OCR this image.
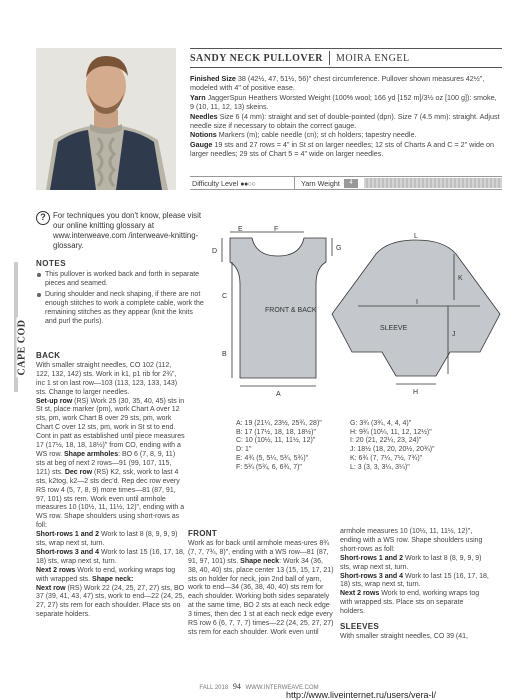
SANDY NECK PULLOVER MOIRA ENGEL

Finished Size 38 (42½, 47, 51½, 56)" chest circumference. Pullover shown measures 42½", modeled with 4" of positive ease.

Yarn JaggerSpun Heathers Worsted Weight (100% wool; 166 yd [152 m]/3½ oz [100 g]): smoke, 9 (10, 11, 12, 13) skeins.

Needles Size 6 (4 mm): straight and set of double-pointed (dpn). Size 7 (4.5 mm): straight. Adjust needle size if necessary to obtain the correct gauge.

Notions Markers (m); cable needle (cn); st ch holders; tapestry needle.

Gauge 19 sts and 27 rows = 4" in St st on larger needles; 12 sts of Charts A and C = 2" wide on larger needles; 29 sts of Chart 5 = 4" wide on larger needles.

Difficulty Level ●●○○	Yarn Weight	4
? For techniques you don't know, please visit our online knitting glossary at www.interweave.com /interweave-knitting-glossary.

CAPE COD
NOTES
This pullover is worked back and forth in separate pieces and seamed.
During shoulder and neck shaping, if there are not enough stitches to work a complete cable, work the remaining stitches as they appear (knit the knits and purl the purls).
E	F
D	G
C
B
A
FRONT & BACK
SLEEVE
I
H
K
J
L
A: 19 (21¼, 23½, 25¾, 28)"
B: 17 (17½, 18, 18, 18½)"
C: 10 (10½, 11, 11½, 12)"
D: 1"
E: 4¾ (5, 5¼, 5¾, 5¾)"
F: 5¾ (5¾, 6, 6¾, 7)"
G: 3¾ (3¾, 4, 4, 4)"
H: 9¾ (10¼, 11, 12, 12½)"
I: 20 (21, 22¼, 23, 24)"
J: 18½ (18, 20, 20½, 20¾)"
K: 6¾ (7, 7¼, 7½, 7¾)"
L: 3 (3, 3, 3¼, 3¼)"
BACK

With smaller straight needles, CO 102 (112, 122, 132, 142) sts. Work in k1, p1 rib for 2¾", inc 1 st on last row—103 (113, 123, 133, 143) sts. Change to larger needles.
Set-up row (RS) Work 25 (30, 35, 40, 45) sts in St st, place marker (pm), work Chart A over 12 sts, pm, work Chart B over 29 sts, pm, work Chart C over 12 sts, pm, work in St st to end. Cont in patt as established until piece measures 17 (17½, 18, 18, 18½)" from CO, ending with a WS row. Shape armholes: BO 6 (7, 8, 9, 11) sts at beg of next 2 rows—91 (99, 107, 115, 121) sts. Dec row (RS) K2, ssk, work to last 4 sts, k2tog, k2—2 sts dec'd. Rep dec row every RS row 4 (5, 7, 8, 9) more times—81 (87, 91, 97, 101) sts rem. Work even until armhole measures 10 (10½, 11, 11½, 12)", ending with a WS row. Shape shoulders using short-rows as foll:
Short-rows 1 and 2 Work to last 8 (8, 9, 9, 9) sts, wrap next st, turn.
Short-rows 3 and 4 Work to last 15 (16, 17, 18, 18) sts, wrap next st, turn.
Next 2 rows Work to end, working wraps tog with wrapped sts. Shape neck:
Next row (RS) Work 22 (24, 25, 27, 27) sts, BO 37 (39, 41, 43, 47) sts, work to end—22 (24, 25, 27, 27) sts rem for each shoulder. Place sts on separate holders.

FRONT

Work as for back until armhole meas-ures 8¾ (7, 7, 7¾, 8)", ending with a WS row—81 (87, 91, 97, 101) sts. Shape neck: Work 34 (36, 38, 40, 40) sts, place center 13 (15, 15, 17, 21) sts on holder for neck, join 2nd ball of yarn, work to end—34 (36, 38, 40, 40) sts rem for each shoulder. Working both sides separately at the same time, BO 2 sts at each neck edge 3 times, then dec 1 st at each neck edge every RS row 6 (6, 7, 7, 7) times—22 (24, 25, 27, 27) sts rem for each shoulder. Work even until

armhole measures 10 (10½, 11, 11½, 12)", ending with a WS row. Shape shoulders using short-rows as foll:
Short-rows 1 and 2 Work to last 8 (8, 9, 9, 9) sts, wrap next st, turn.
Short-rows 3 and 4 Work to last 15 (16, 17, 18, 18) sts, wrap next st, turn.
Next 2 rows Work to end, working wraps tog with wrapped sts. Place sts on separate holders.

SLEEVES

With smaller straight needles, CO 39 (41,

FALL 2018 94 WWW.INTERWEAVE.COM
http://www.liveinternet.ru/users/vera-l/
